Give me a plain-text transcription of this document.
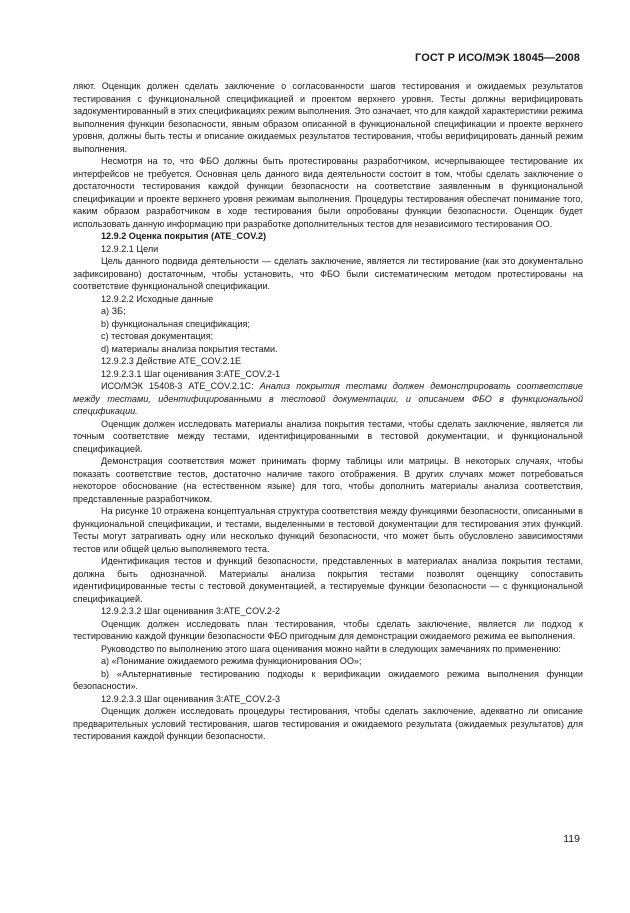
ГОСТ Р ИСО/МЭК 18045—2008

ляют. Оценщик должен сделать заключение о согласованности шагов тестирования и ожидаемых результатов тестирования с функциональной спецификацией и проектом верхнего уровня. Тесты должны верифицировать задокументированный в этих спецификациях режим выполнения. Это означает, что для каждой характеристики режима выполнения функции безопасности, явным образом описанной в функциональной спецификации и проекте верхнего уровня, должны быть тесты и описание ожидаемых результатов тестирования, чтобы верифицировать данный режим выполнения.

Несмотря на то, что ФБО должны быть протестированы разработчиком, исчерпывающее тестирование их интерфейсов не требуется. Основная цель данного вида деятельности состоит в том, чтобы сделать заключение о достаточности тестирования каждой функции безопасности на соответствие заявленным в функциональной спецификации и проекте верхнего уровня режимам выполнения. Процедуры тестирования обеспечат понимание того, каким образом разработчиком в ходе тестирования были опробованы функции безопасности. Оценщик будет использовать данную информацию при разработке дополнительных тестов для независимого тестирования ОО.

12.9.2 Оценка покрытия (ATE_COV.2)

12.9.2.1 Цели

Цель данного подвида деятельности — сделать заключение, является ли тестирование (как это документально зафиксировано) достаточным, чтобы установить, что ФБО были систематическим методом протестированы на соответствие функциональной спецификации.

12.9.2.2 Исходные данные

а) ЗБ;

b) функциональная спецификация;

c) тестовая документация;

d) материалы анализа покрытия тестами.

12.9.2.3 Действие ATE_COV.2.1E

12.9.2.3.1 Шаг оценивания 3:ATE_COV.2-1

ИСО/МЭК 15408-3 ATE_COV.2.1C: Анализ покрытия тестами должен демонстрировать соответствие между тестами, идентифицированными в тестовой документации, и описанием ФБО в функциональной спецификации.

Оценщик должен исследовать материалы анализа покрытия тестами, чтобы сделать заключение, является ли точным соответствие между тестами, идентифицированными в тестовой документации, и функциональной спецификацией.

Демонстрация соответствия может принимать форму таблицы или матрицы. В некоторых случаях, чтобы показать соответствие тестов, достаточно наличие такого отображения. В других случаях может потребоваться некоторое обоснование (на естественном языке) для того, чтобы дополнить материалы анализа соответствия, представленные разработчиком.

На рисунке 10 отражена концептуальная структура соответствия между функциями безопасности, описанными в функциональной спецификации, и тестами, выделенными в тестовой документации для тестирования этих функций. Тесты могут затрагивать одну или несколько функций безопасности, что может быть обусловлено зависимостями тестов или общей целью выполняемого теста.

Идентификация тестов и функций безопасности, представленных в материалах анализа покрытия тестами, должна быть однозначной. Материалы анализа покрытия тестами позволят оценщику сопоставить идентифицированные тесты с тестовой документацией, а тестируемые функции безопасности — с функциональной спецификацией.

12.9.2.3.2 Шаг оценивания 3:ATE_COV.2-2

Оценщик должен исследовать план тестирования, чтобы сделать заключение, является ли подход к тестированию каждой функции безопасности ФБО пригодным для демонстрации ожидаемого режима ее выполнения.

Руководство по выполнению этого шага оценивания можно найти в следующих замечаниях по применению:

а) «Понимание ожидаемого режима функционирования ОО»;

b) «Альтернативные тестированию подходы к верификации ожидаемого режима выполнения функции безопасности».

12.9.2.3.3 Шаг оценивания 3:ATE_COV.2-3

Оценщик должен исследовать процедуры тестирования, чтобы сделать заключение, адекватно ли описание предварительных условий тестирования, шагов тестирования и ожидаемого результата (ожидаемых результатов) для тестирования каждой функции безопасности.

119
